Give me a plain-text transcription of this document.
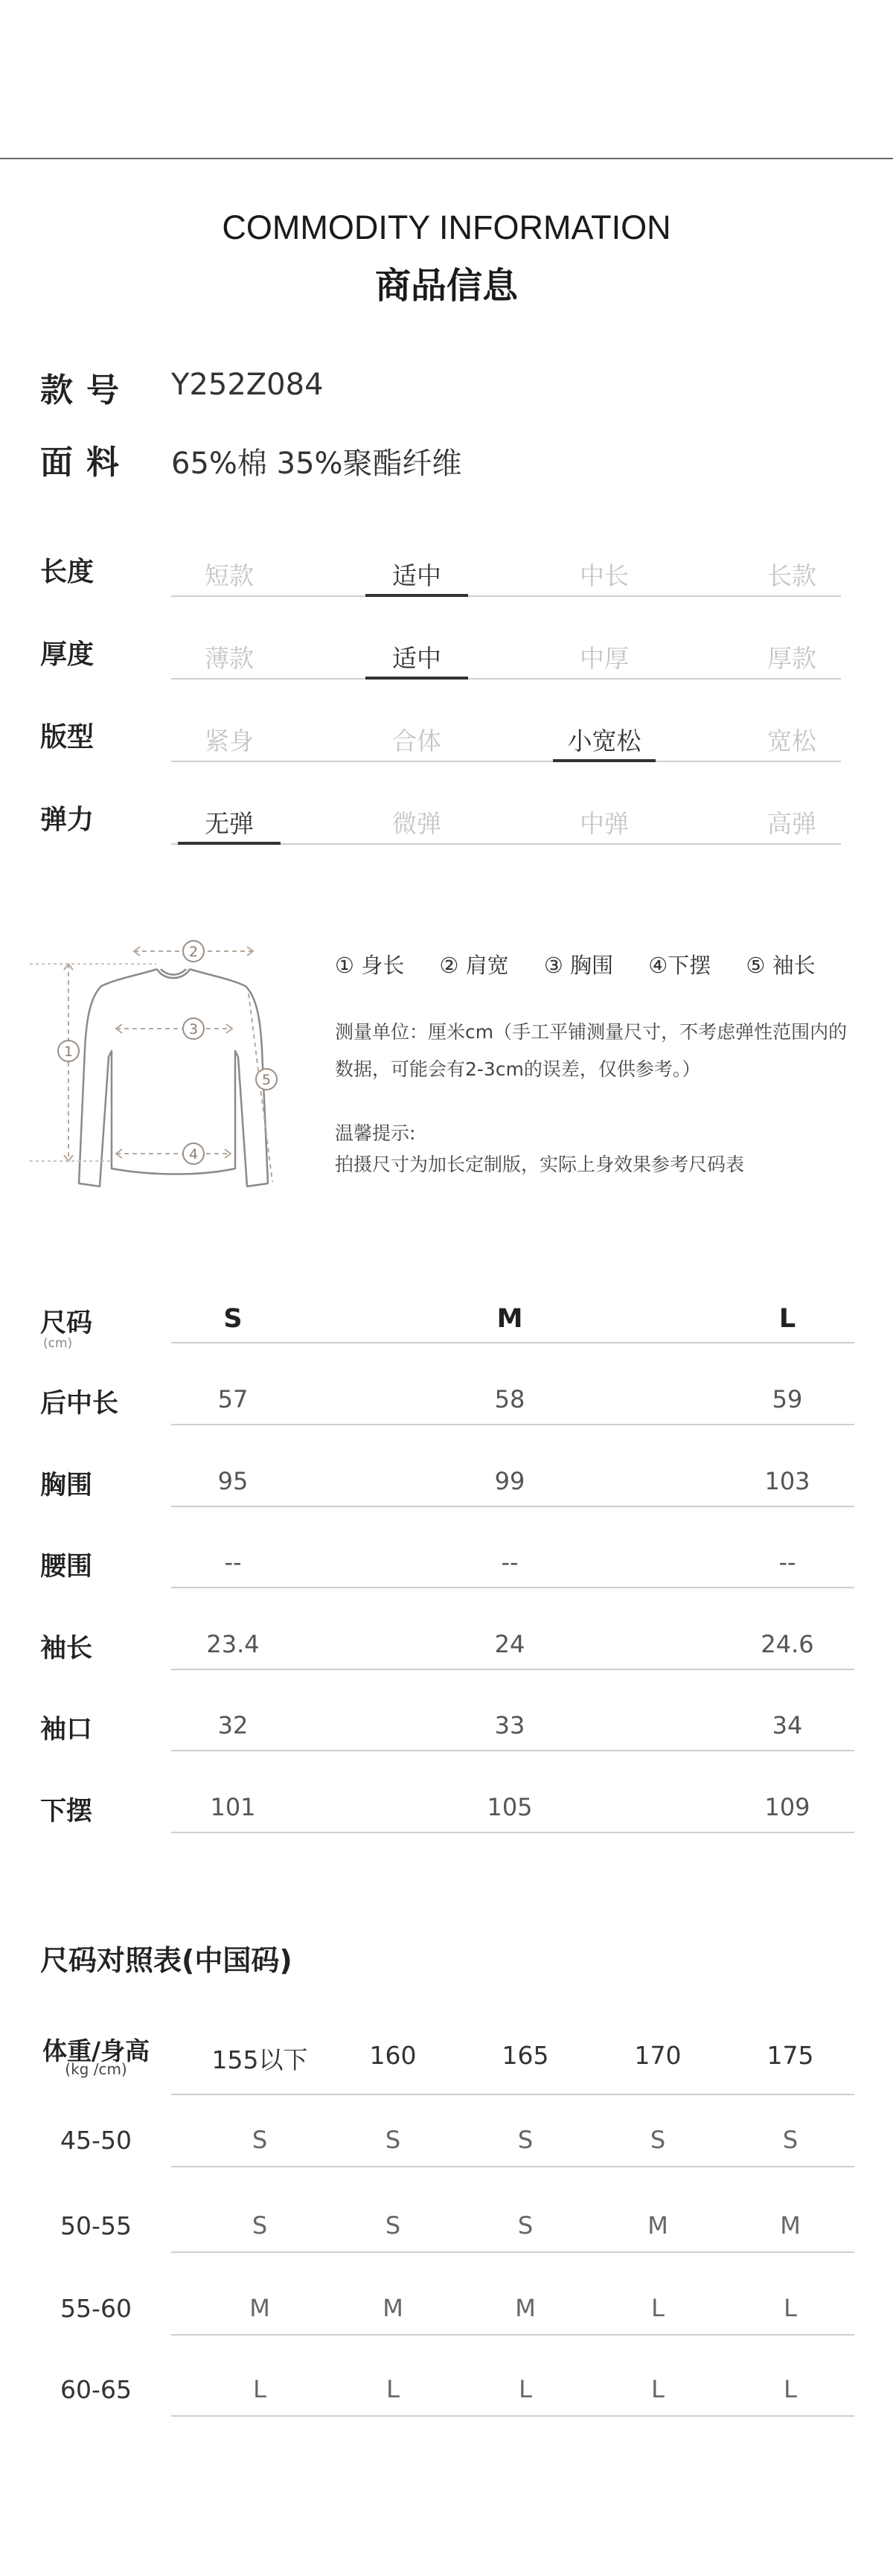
COMMODITY INFORMATION
商品信息
款号 Y252Z084
面料 65%棉 35%聚酯纤维
长度	短款	适中	中长	长款
厚度	薄款	适中	中厚	厚款
版型	紧身	合体	小宽松	宽松
弹力	无弹	微弹	中弹	高弹
1
2
3
4
5
① 身长 ② 肩宽 ③ 胸围 ④下摆 ⑤ 袖长
测量单位：厘米cm（手工平铺测量尺寸，不考虑弹性范围内的数据，可能会有2-3cm的误差，仅供参考。）
温馨提示:
拍摄尺寸为加长定制版，实际上身效果参考尺码表
尺码
(cm)
S	M	L
后中长	57	58	59
胸围	95	99	103
腰围	--	--	--
袖长	23.4	24	24.6
袖口	32	33	34
下摆	101	105	109
尺码对照表(中国码)
体重/身高
(kg /cm)	155以下	160	165	170	175
45-50	S	S	S	S	S
50-55	S	S	S	M	M
55-60	M	M	M	L	L
60-65	L	L	L	L	L
